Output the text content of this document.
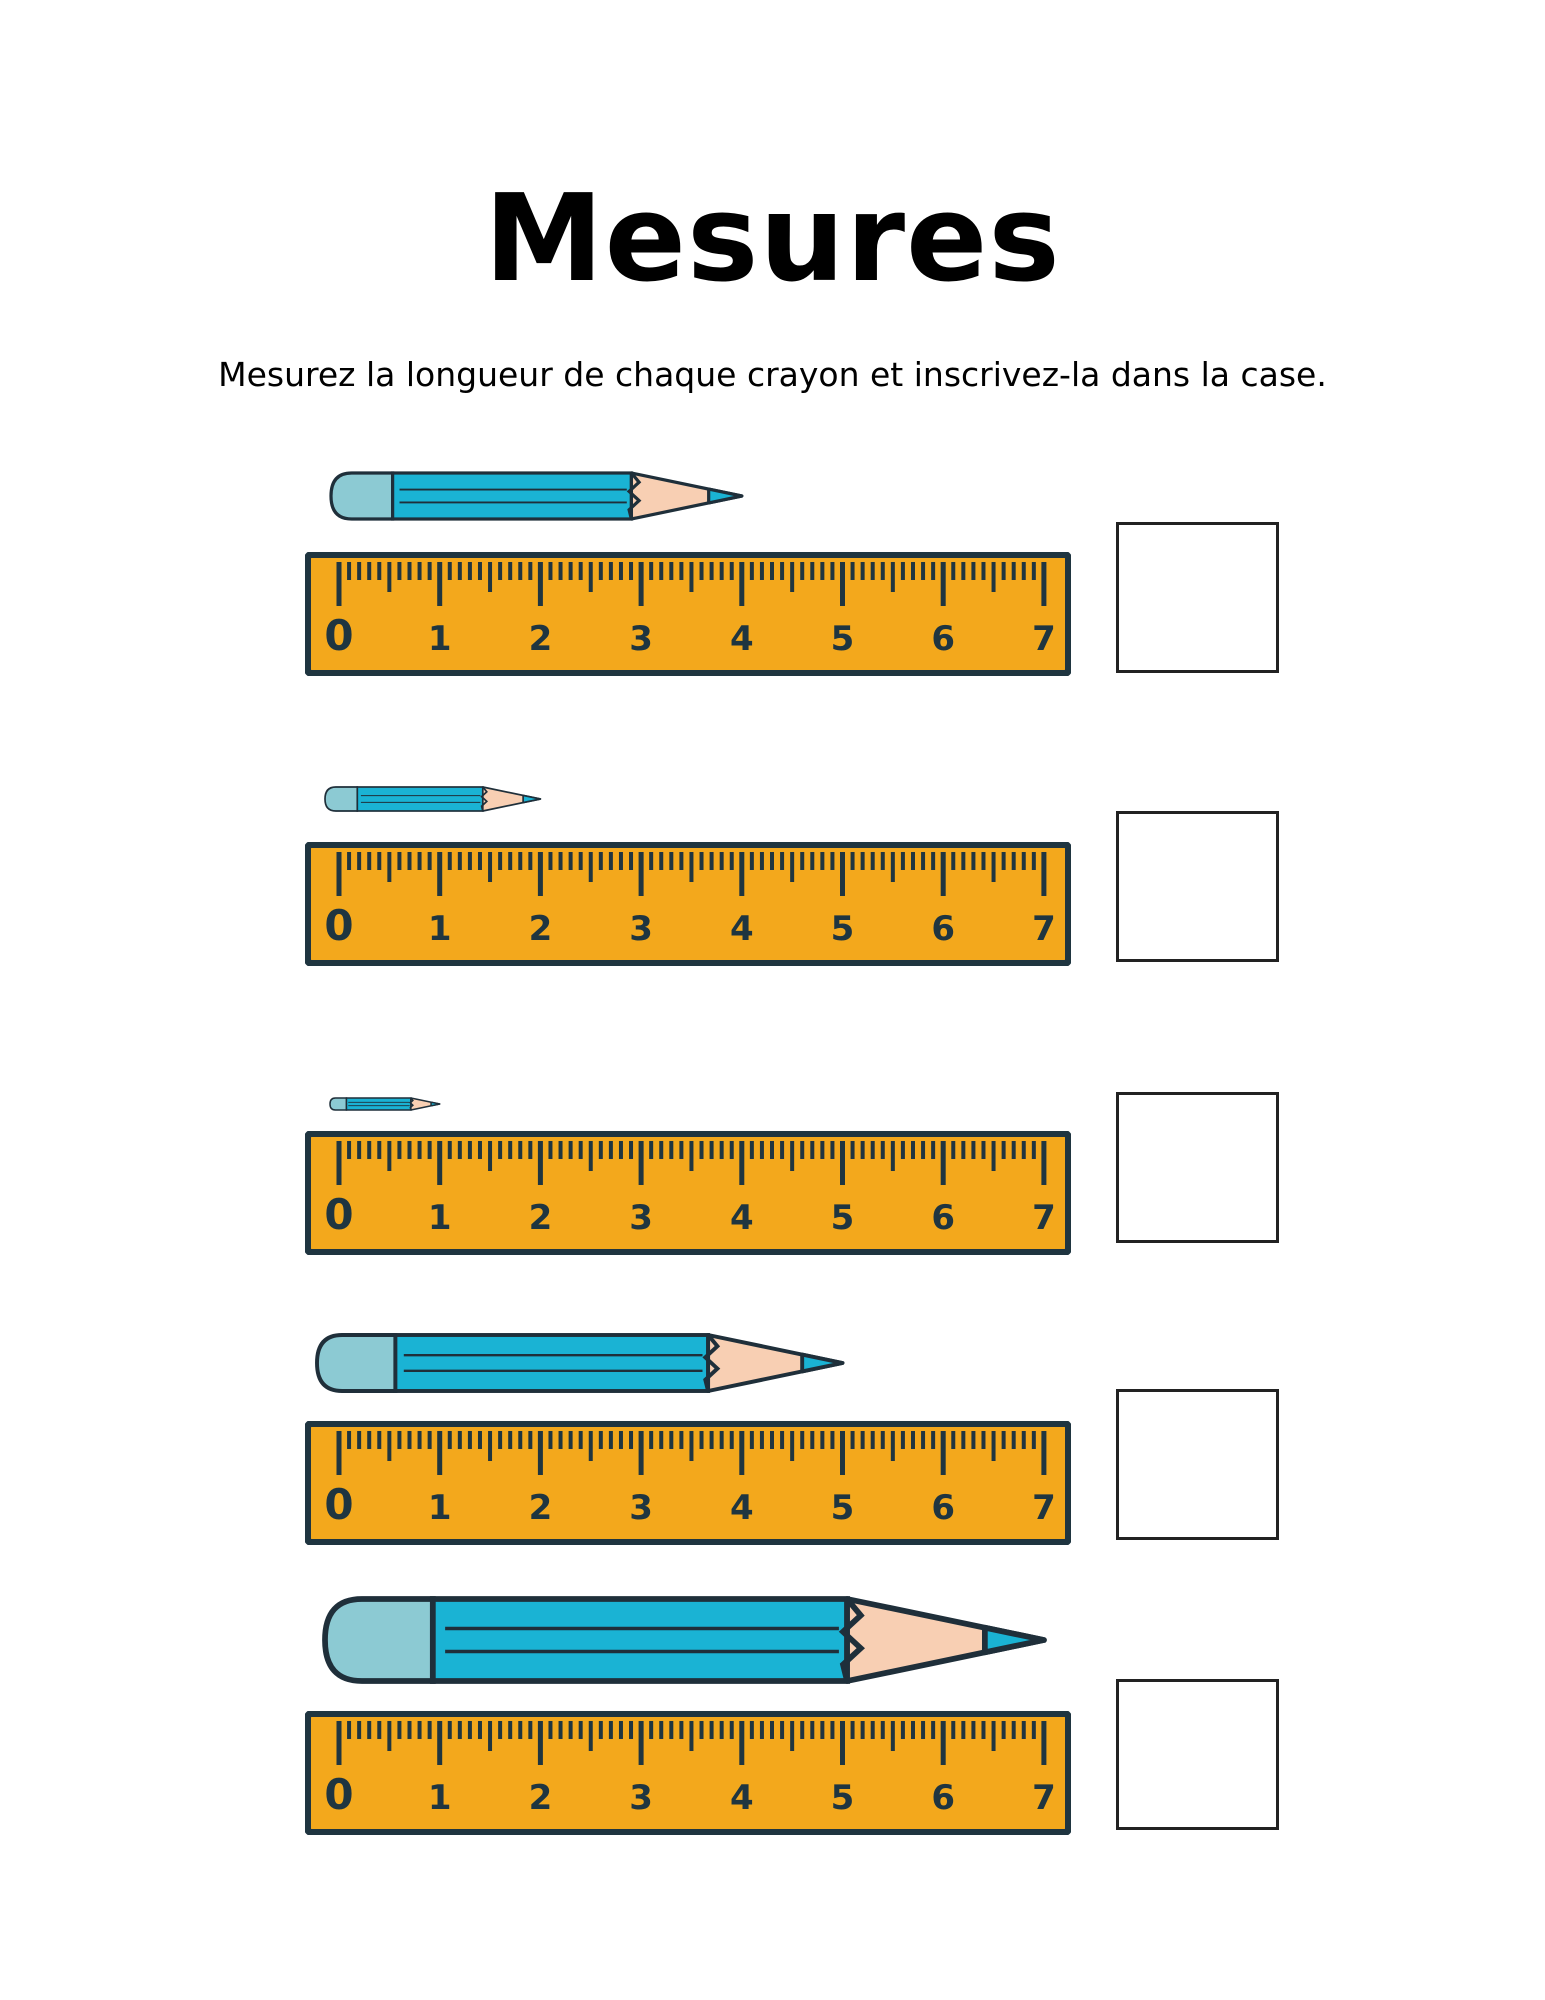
Mesures
Mesurez la longueur de chaque crayon et inscrivez-la dans la case.
0 1 2 3 4 5 6 7
0 1 2 3 4 5 6 7
0 1 2 3 4 5 6 7
0 1 2 3 4 5 6 7
0 1 2 3 4 5 6 7
